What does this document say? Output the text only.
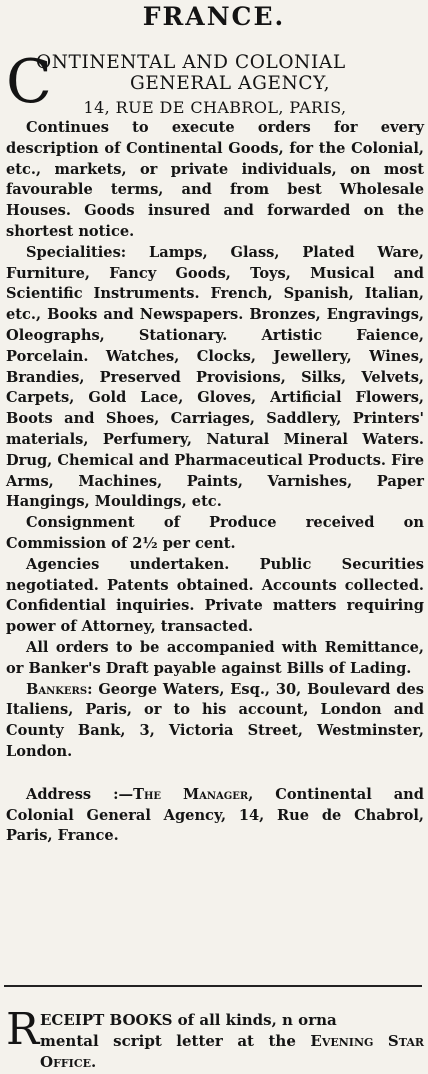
FRANCE.
C
ONTINENTAL AND COLONIAL
GENERAL AGENCY,
14, RUE DE CHABROL, PARIS,

Continues to execute orders for every description of Continental Goods, for the Colonial, etc., markets, or private individuals, on most favourable terms, and from best Wholesale Houses. Goods insured and forwarded on the shortest notice.

Specialities: Lamps, Glass, Plated Ware, Furniture, Fancy Goods, Toys, Musical and Scientific Instruments. French, Spanish, Italian, etc., Books and Newspapers. Bronzes, Engravings, Oleographs, Stationary. Artistic Faience, Porcelain. Watches, Clocks, Jewellery, Wines, Brandies, Preserved Provisions, Silks, Velvets, Carpets, Gold Lace, Gloves, Artificial Flowers, Boots and Shoes, Carriages, Saddlery, Printers' materials, Perfumery, Natural Mineral Waters. Drug, Chemical and Pharmaceutical Products. Fire Arms, Machines, Paints, Varnishes, Paper Hangings, Mouldings, etc.

Consignment of Produce received on Commission of 2½ per cent.

Agencies undertaken. Public Securities negotiated. Patents obtained. Accounts collected. Confidential inquiries. Private matters requiring power of Attorney, transacted.

All orders to be accompanied with Remittance, or Banker's Draft payable against Bills of Lading.

Bankers: George Waters, Esq., 30, Boulevard des Italiens, Paris, or to his account, London and County Bank, 3, Victoria Street, Westminster, London.

Address :—The Manager, Continental and Colonial General Agency, 14, Rue de Chabrol, Paris, France.

R ECEIPT BOOKS of all kinds, n orna

mental script letter at the Evening Star Office.
